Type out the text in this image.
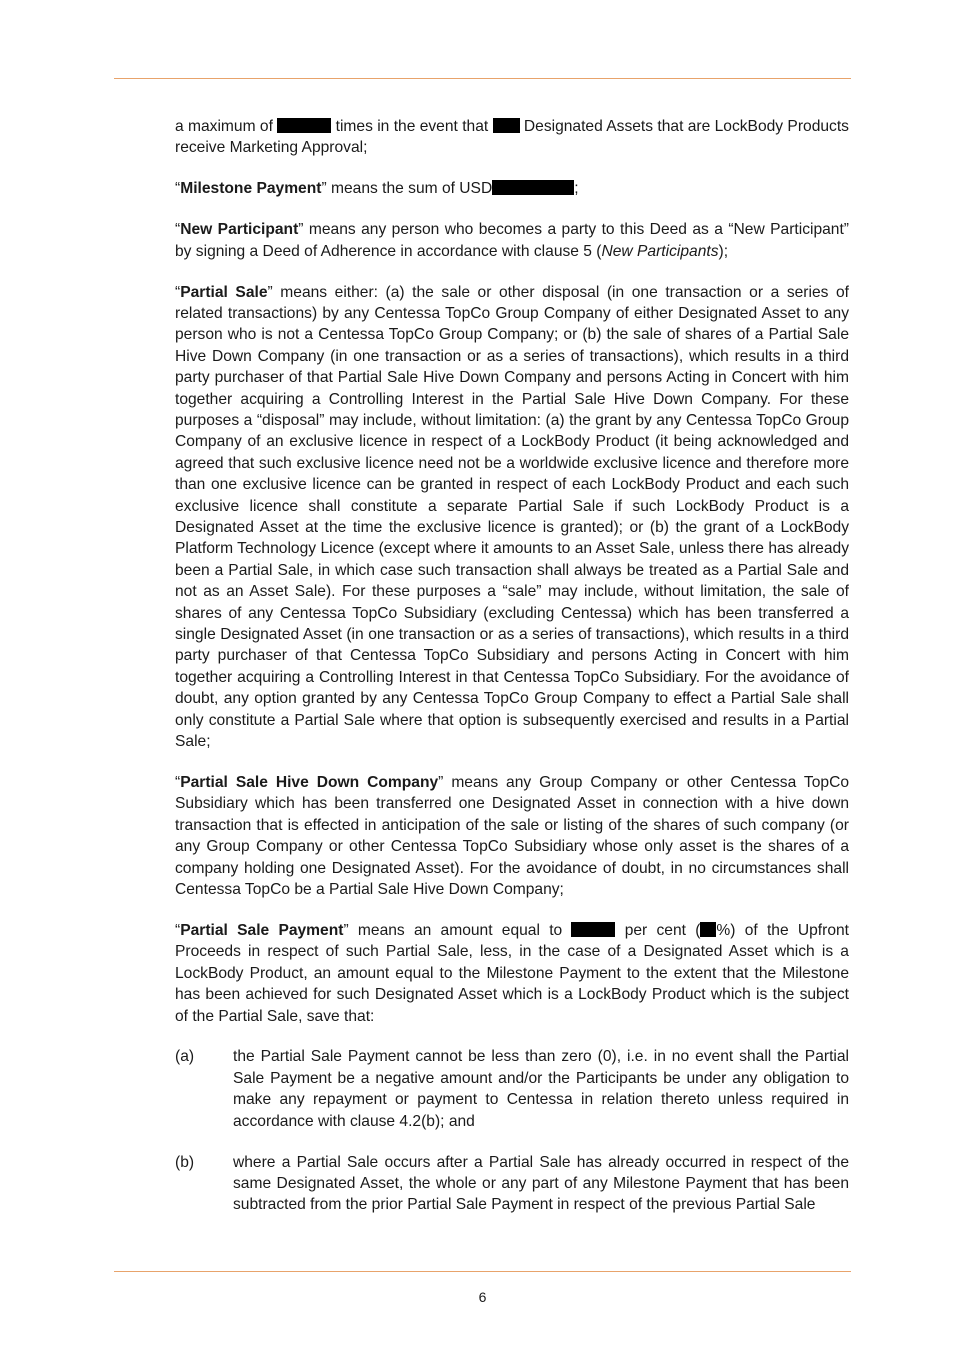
a maximum of	times in the event that Designated Assets that are LockBody Products receive Marketing Approval;

“Milestone Payment” means the sum of USD	;

“New Participant” means any person who becomes a party to this Deed as a “New Participant” by signing a Deed of Adherence in accordance with clause 5 (New Participants);

“Partial Sale” means either: (a) the sale or other disposal (in one transaction or a series of related transactions) by any Centessa TopCo Group Company of either Designated Asset to any person who is not a Centessa TopCo Group Company; or (b) the sale of shares of a Partial Sale Hive Down Company (in one transaction or as a series of transactions), which results in a third party purchaser of that Partial Sale Hive Down Company and persons Acting in Concert with him together acquiring a Controlling Interest in the Partial Sale Hive Down Company. For these purposes a “disposal” may include, without limitation: (a) the grant by any Centessa TopCo Group Company of an exclusive licence in respect of a LockBody Product (it being acknowledged and agreed that such exclusive licence need not be a worldwide exclusive licence and therefore more than one exclusive licence can be granted in respect of each LockBody Product and each such exclusive licence shall constitute a separate Partial Sale if such LockBody Product is a Designated Asset at the time the exclusive licence is granted); or (b) the grant of a LockBody Platform Technology Licence (except where it amounts to an Asset Sale, unless there has already been a Partial Sale, in which case such transaction shall always be treated as a Partial Sale and not as an Asset Sale). For these purposes a “sale” may include, without limitation, the sale of shares of any Centessa TopCo Subsidiary (excluding Centessa) which has been transferred a single Designated Asset (in one transaction or as a series of transactions), which results in a third party purchaser of that Centessa TopCo Subsidiary and persons Acting in Concert with him together acquiring a Controlling Interest in that Centessa TopCo Subsidiary. For the avoidance of doubt, any option granted by any Centessa TopCo Group Company to effect a Partial Sale shall only constitute a Partial Sale where that option is subsequently exercised and results in a Partial Sale;

“Partial Sale Hive Down Company” means any Group Company or other Centessa TopCo Subsidiary which has been transferred one Designated Asset in connection with a hive down transaction that is effected in anticipation of the sale or listing of the shares of such company (or any Group Company or other Centessa TopCo Subsidiary whose only asset is the shares of a company holding one Designated Asset). For the avoidance of doubt, in no circumstances shall Centessa TopCo be a Partial Sale Hive Down Company;

“Partial Sale Payment” means an amount equal to	per cent ( %) of the Upfront Proceeds in respect of such Partial Sale, less, in the case of a Designated Asset which is a LockBody Product, an amount equal to the Milestone Payment to the extent that the Milestone has been achieved for such Designated Asset which is a LockBody Product which is the subject of the Partial Sale, save that:

(a)	the Partial Sale Payment cannot be less than zero (0), i.e. in no event shall the Partial Sale Payment be a negative amount and/or the Participants be under any obligation to make any repayment or payment to Centessa in relation thereto unless required in accordance with clause 4.2(b); and
(b)	where a Partial Sale occurs after a Partial Sale has already occurred in respect of the same Designated Asset, the whole or any part of any Milestone Payment that has been subtracted from the prior Partial Sale Payment in respect of the previous Partial Sale
6
